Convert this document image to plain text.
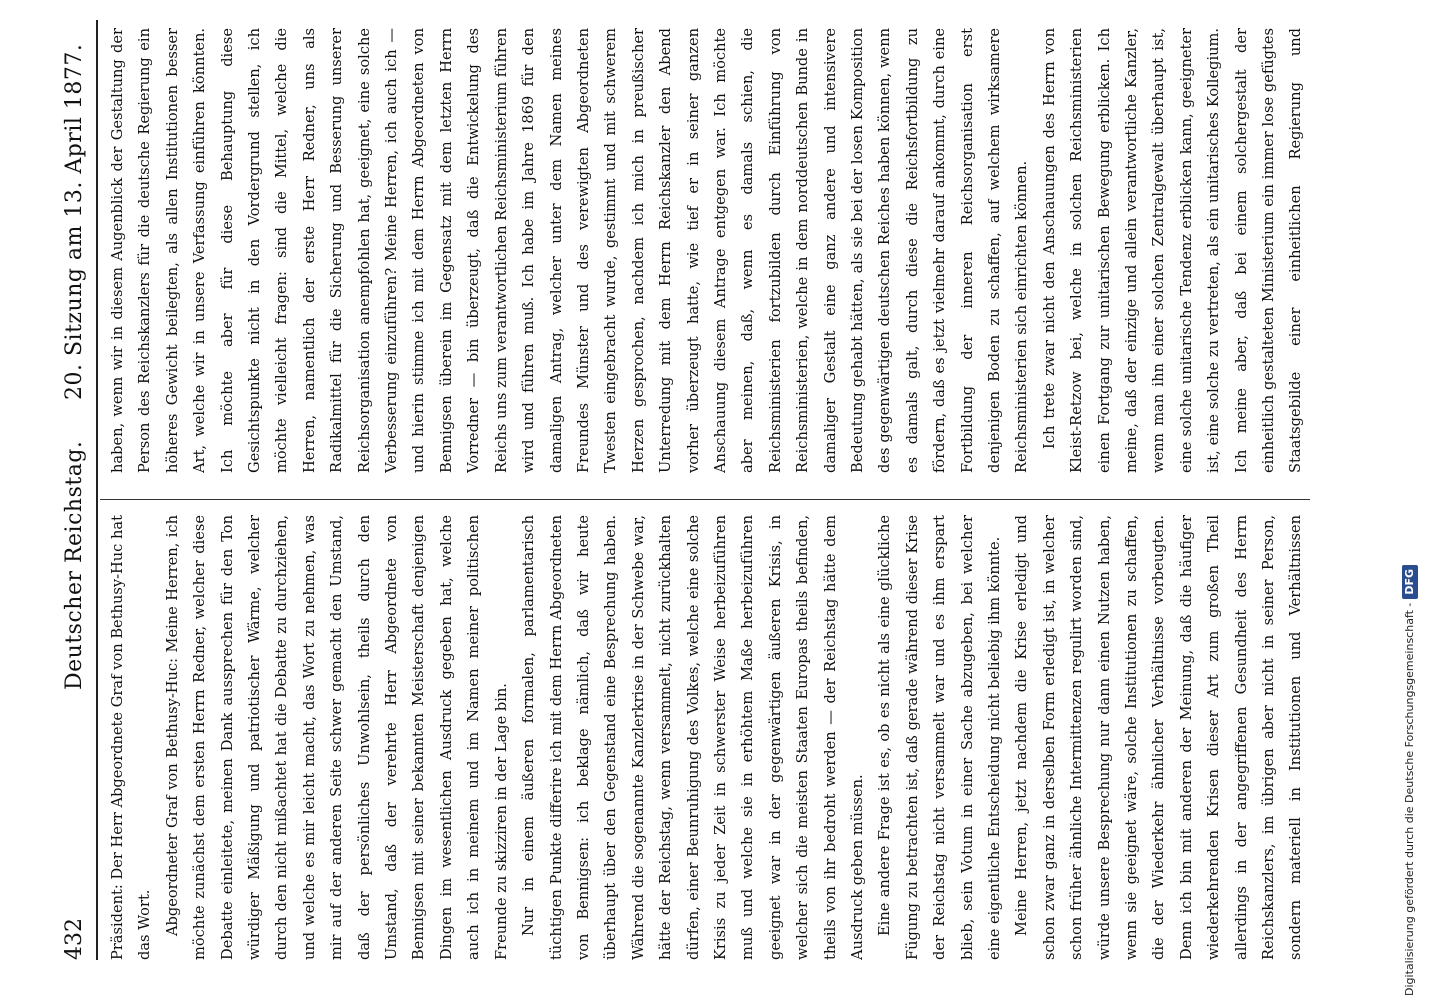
432
Deutscher Reichstag.
20. Sitzung am 13. April 1877.

Präsident: Der Herr Abgeordnete Graf von Bethusy-Huc hat das Wort. Abgeordneter Graf von Bethusy-Huc: Meine Herren, ich möchte zunächst dem ersten Herrn Redner, welcher diese Debatte einleitete, meinen Dank aussprechen für den Ton würdiger Mäßigung und patriotischer Wärme, welcher durch den nicht mißachtet hat die Debatte zu durchziehen, und welche es mir leicht macht, das Wort zu nehmen, was mir auf der anderen Seite schwer gemacht den Umstand, daß der persönliches Unwohlsein, theils durch den Umstand, daß der verehrte Herr Abgeordnete von Bennigsen mit seiner bekannten Meisterschaft denjenigen Dingen im wesentlichen Ausdruck gegeben hat, welche auch ich in meinem und im Namen meiner politischen Freunde zu skizziren in der Lage bin. Nur in einem äußeren formalen, parlamentarisch tüchtigen Punkte differire ich mit dem Herrn Abgeordneten von Bennigsen: ich beklage nämlich, daß wir heute überhaupt über den Gegenstand eine Besprechung haben. Während die sogenannte Kanzlerkrise in der Schwebe war, hätte der Reichstag, wenn versammelt, nicht zurückhalten dürfen, einer Beunruhigung des Volkes, welche eine solche Krisis zu jeder Zeit in schwerster Weise herbeizuführen muß und welche sie in erhöhtem Maße herbeizuführen geeignet war in der gegenwärtigen äußeren Krisis, in welcher sich die meisten Staaten Europas theils befinden, theils von ihr bedroht werden — der Reichstag hätte dem Ausdruck geben müssen. Eine andere Frage ist es, ob es nicht als eine glückliche Fügung zu betrachten ist, daß gerade während dieser Krise der Reichstag nicht versammelt war und es ihm erspart blieb, sein Votum in einer Sache abzugeben, bei welcher eine eigentliche Entscheidung nicht beliebig ihm könnte. Meine Herren, jetzt nachdem die Krise erledigt und schon zwar ganz in derselben Form erledigt ist, in welcher schon früher ähnliche Intermittenzen regulirt worden sind, würde unsere Besprechung nur dann einen Nutzen haben, wenn sie geeignet wäre, solche Institutionen zu schaffen, die der Wiederkehr ähnlicher Verhältnisse vorbeugten. Denn ich bin mit anderen der Meinung, daß die häufiger wiederkehrenden Krisen dieser Art zum großen Theil allerdings in der angegriffenen Gesundheit des Herrn Reichskanzlers, im übrigen aber nicht in seiner Person, sondern materiell in Institutionen und Verhältnissen

haben, wenn wir in diesem Augenblick der Gestaltung der Person des Reichskanzlers für die deutsche Regierung ein höheres Gewicht beilegten, als allen Institutionen besser Art, welche wir in unsere Verfassung einführen könnten. Ich möchte aber für diese Behauptung diese Gesichtspunkte nicht in den Vordergrund stellen, ich möchte vielleicht fragen: sind die Mittel, welche die Herren, namentlich der erste Herr Redner, uns als Radikalmittel für die Sicherung und Besserung unserer Reichsorganisation anempfohlen hat, geeignet, eine solche Verbesserung einzuführen? Meine Herren, ich auch ich — und hierin stimme ich mit dem Herrn Abgeordneten von Bennigsen überein im Gegensatz mit dem letzten Herrn Vorredner — bin überzeugt, daß die Entwickelung des Reichs uns zum verantwortlichen Reichsministerium führen wird und führen muß. Ich habe im Jahre 1869 für den damaligen Antrag, welcher unter dem Namen meines Freundes Münster und des verewigten Abgeordneten Twesten eingebracht wurde, gestimmt und mit schwerem Herzen gesprochen, nachdem ich mich in preußischer Unterredung mit dem Herrn Reichskanzler den Abend vorher überzeugt hatte, wie tief er in seiner ganzen Anschauung diesem Antrage entgegen war. Ich möchte aber meinen, daß, wenn es damals schien, die Reichsministerien fortzubilden durch Einführung von Reichsministerien, welche in dem norddeutschen Bunde in damaliger Gestalt eine ganz andere und intensivere Bedeutung gehabt hätten, als sie bei der losen Komposition des gegenwärtigen deutschen Reiches haben können, wenn es damals galt, durch diese die Reichsfortbildung zu fördern, daß es jetzt vielmehr darauf ankommt, durch eine Fortbildung der inneren Reichsorganisation erst denjenigen Boden zu schaffen, auf welchem wirksamere Reichsministerien sich einrichten können. Ich trete zwar nicht den Anschauungen des Herrn von Kleist-Retzow bei, welche in solchen Reichsministerien einen Fortgang zur unitarischen Bewegung erblicken. Ich meine, daß der einzige und allein verantwortliche Kanzler, wenn man ihn einer solchen Zentralgewalt überhaupt ist, eine solche unitarische Tendenz erblicken kann, geeigneter ist, eine solche zu vertreten, als ein unitarisches Kollegium. Ich meine aber, daß bei einem solchergestalt der einheitlich gestalteten Ministerium ein immer lose gefügtes Staatsgebilde einer einheitlichen Regierung und

Digitalisierung gefördert durch die Deutsche Forschungsgemeinschaft -DFG
